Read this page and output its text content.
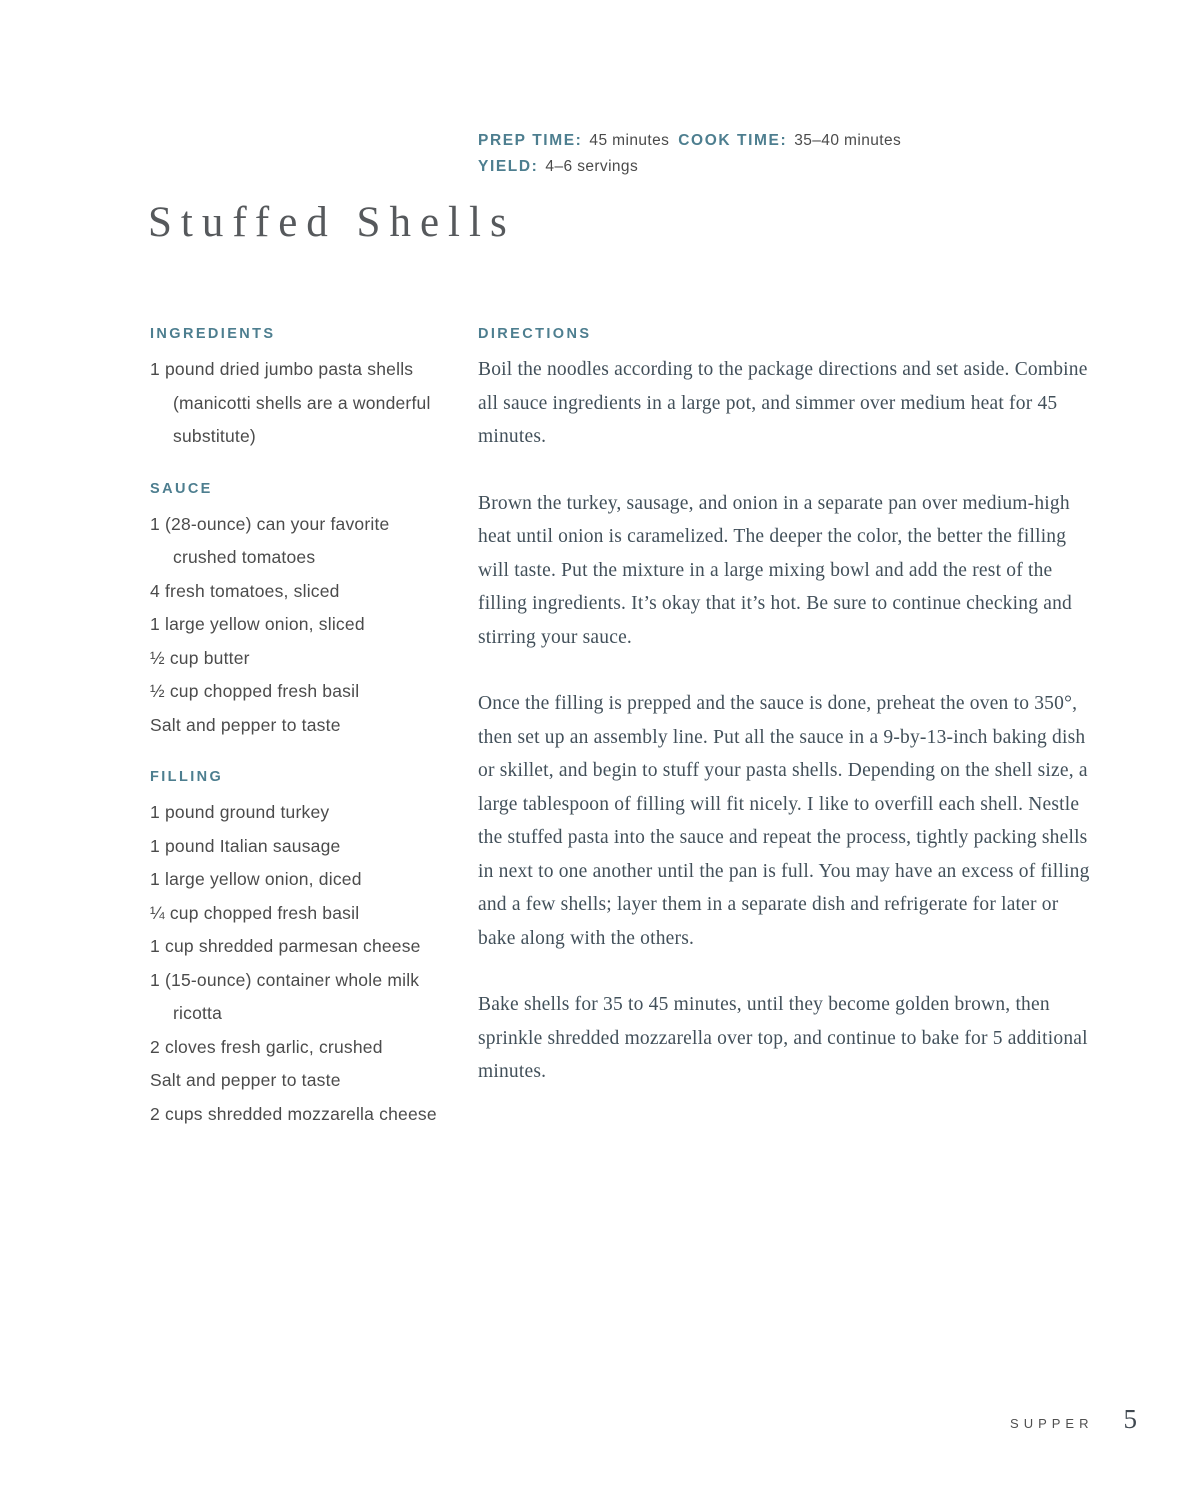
PREP TIME: 45 minutes COOK TIME: 35–40 minutes
YIELD: 4–6 servings
Stuffed Shells
INGREDIENTS
1 pound dried jumbo pasta shells (manicotti shells are a wonderful substitute)
SAUCE
1 (28-ounce) can your favorite crushed tomatoes
4 fresh tomatoes, sliced
1 large yellow onion, sliced
½ cup butter
½ cup chopped fresh basil
Salt and pepper to taste
FILLING
1 pound ground turkey
1 pound Italian sausage
1 large yellow onion, diced
¼ cup chopped fresh basil
1 cup shredded parmesan cheese
1 (15-ounce) container whole milk ricotta
2 cloves fresh garlic, crushed
Salt and pepper to taste
2 cups shredded mozzarella cheese
DIRECTIONS

Boil the noodles according to the package directions and set aside. Combine all sauce ingredients in a large pot, and simmer over medium heat for 45 minutes.

Brown the turkey, sausage, and onion in a separate pan over medium-high heat until onion is caramelized. The deeper the color, the better the filling will taste. Put the mixture in a large mixing bowl and add the rest of the filling ingredients. It’s okay that it’s hot. Be sure to continue checking and stirring your sauce.

Once the filling is prepped and the sauce is done, preheat the oven to 350°, then set up an assembly line. Put all the sauce in a 9-by-13-inch baking dish or skillet, and begin to stuff your pasta shells. Depending on the shell size, a large tablespoon of filling will fit nicely. I like to overfill each shell. Nestle the stuffed pasta into the sauce and repeat the process, tightly packing shells in next to one another until the pan is full. You may have an excess of filling and a few shells; layer them in a separate dish and refrigerate for later or bake along with the others.

Bake shells for 35 to 45 minutes, until they become golden brown, then sprinkle shredded mozzarella over top, and continue to bake for 5 additional minutes.

SUPPER 5
